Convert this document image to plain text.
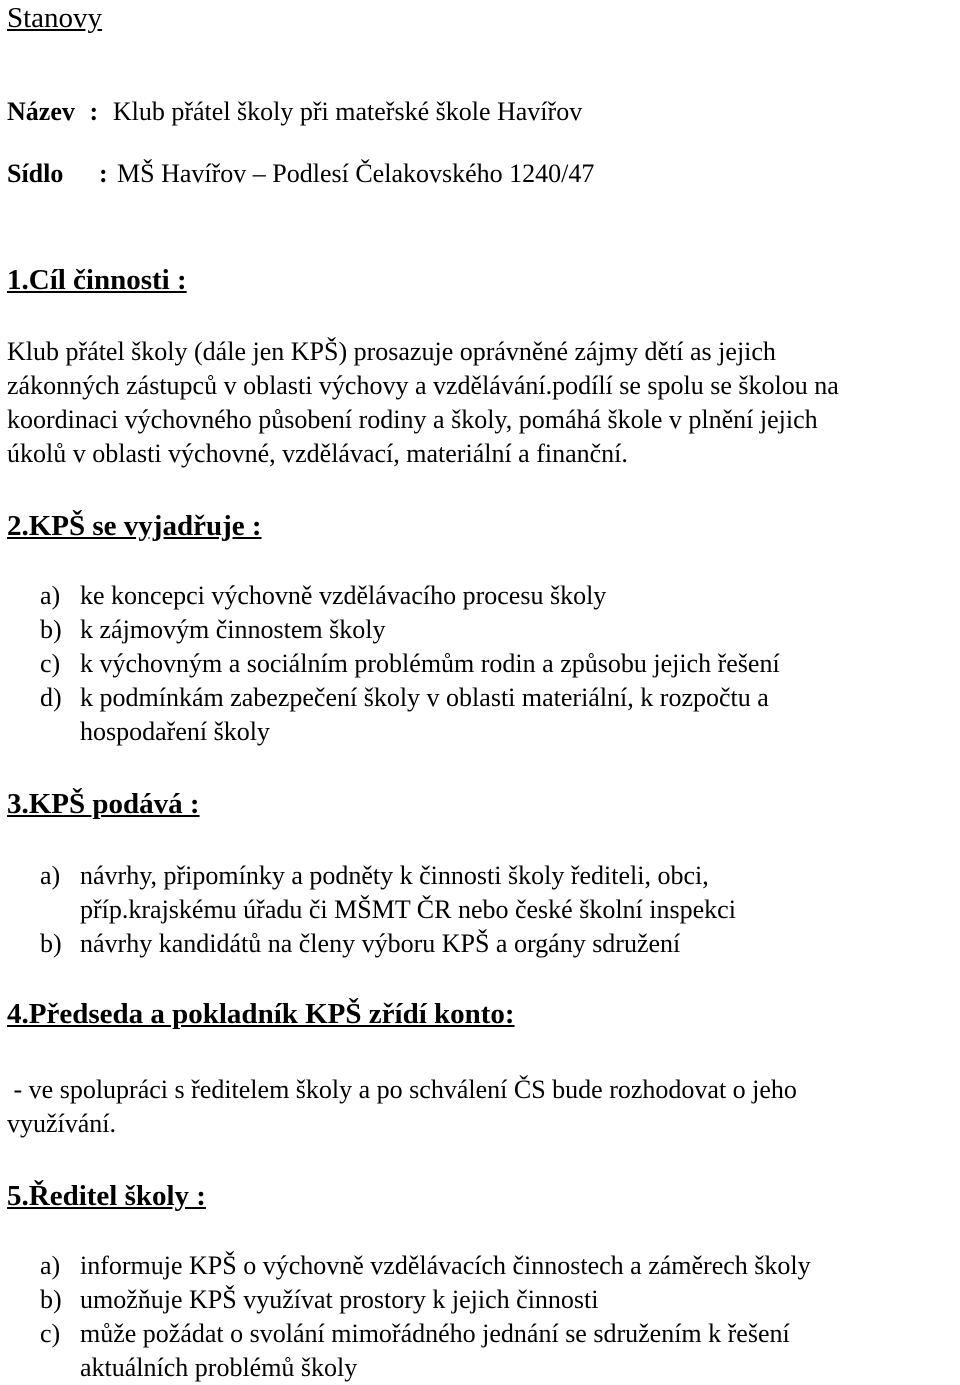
Stanovy
Název : Klub přátel školy při mateřské škole Havířov
Sídlo : MŠ Havířov – Podlesí Čelakovského 1240/47
1.Cíl činnosti :
Klub přátel školy (dále jen KPŠ) prosazuje oprávněné zájmy dětí as jejich
zákonných zástupců v oblasti výchovy a vzdělávání.podílí se spolu se školou na
koordinaci výchovného působení rodiny a školy, pomáhá škole v plnění jejich
úkolů v oblasti výchovné, vzdělávací, materiální a finanční.
2.KPŠ se vyjadřuje :
a) ke koncepci výchovně vzdělávacího procesu školy
b) k zájmovým činnostem školy
c) k výchovným a sociálním problémům rodin a způsobu jejich řešení
d) k podmínkám zabezpečení školy v oblasti materiální, k rozpočtu a
hospodaření školy
3.KPŠ podává :
a) návrhy, připomínky a podněty k činnosti školy řediteli, obci,
příp.krajskému úřadu či MŠMT ČR nebo české školní inspekci
b) návrhy kandidátů na členy výboru KPŠ a orgány sdružení
4.Předseda a pokladník KPŠ zřídí konto:
- ve spolupráci s ředitelem školy a po schválení ČS bude rozhodovat o jeho
využívání.
5.Ředitel školy :
a) informuje KPŠ o výchovně vzdělávacích činnostech a záměrech školy
b) umožňuje KPŠ využívat prostory k jejich činnosti
c) může požádat o svolání mimořádného jednání se sdružením k řešení
aktuálních problémů školy
